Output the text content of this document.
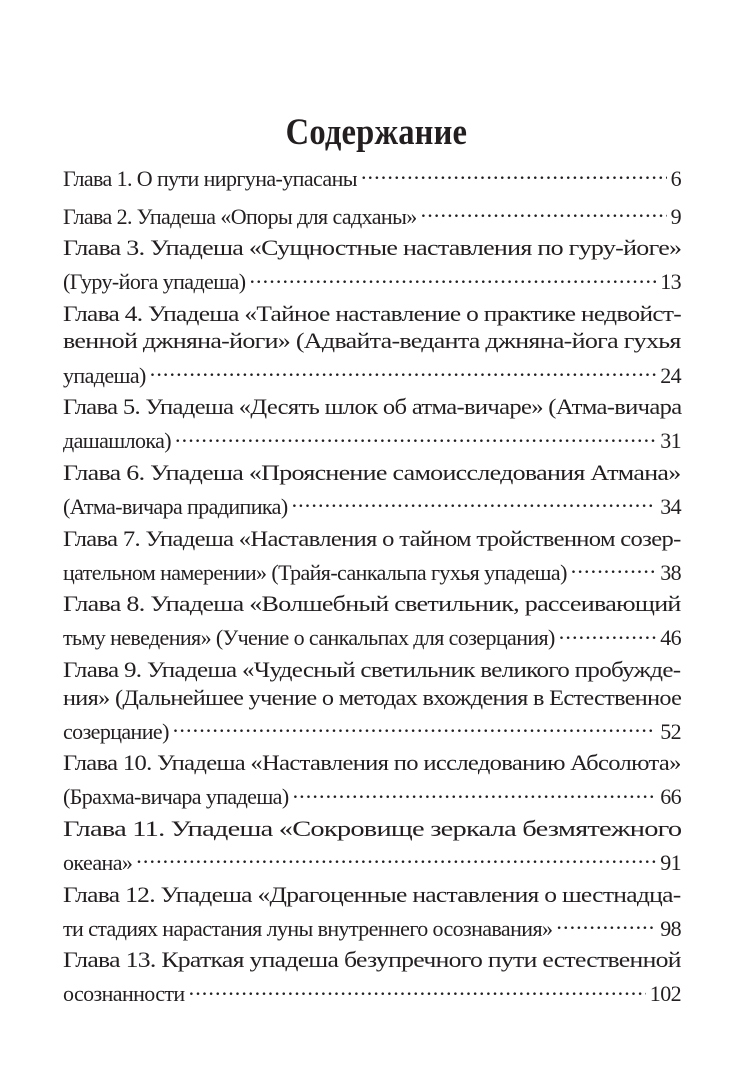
Содержание
Глава 1. О пути ниргуна-упасаны . . .	6
Глава 2. Упадеша «Опоры для садханы» . . .	9
Глава 3. Упадеша «Сущностные наставления по гуру-йоге»
(Гуру-йога упадеша) . . .	13
Глава 4. Упадеша «Тайное наставление о практике недвойст-
венной джняна-йоги» (Адвайта-веданта джняна-йога гухья
упадеша) . . .	24
Глава 5. Упадеша «Десять шлок об атма-вичаре» (Атма-вичара
дашашлока) . . .	31
Глава 6. Упадеша «Прояснение самоисследования Атмана»
(Атма-вичара прадипика) . . .	34
Глава 7. Упадеша «Наставления о тайном тройственном созер-
цательном намерении» (Трайя-санкальпа гухья упадеша) . . .	38
Глава 8. Упадеша «Волшебный светильник, рассеивающий
тьму неведения» (Учение о санкальпах для созерцания) . . .	46
Глава 9. Упадеша «Чудесный светильник великого пробужде-
ния» (Дальнейшее учение о методах вхождения в Естественное
созерцание) . . .	52
Глава 10. Упадеша «Наставления по исследованию Абсолюта»
(Брахма-вичара упадеша) . . .	66
Глава 11. Упадеша «Сокровище зеркала безмятежного
океана» . . .	91
Глава 12. Упадеша «Драгоценные наставления о шестнадца-
ти стадиях нарастания луны внутреннего осознавания» . . .	98
Глава 13. Краткая упадеша безупречного пути естественной
осознанности . . .	102
